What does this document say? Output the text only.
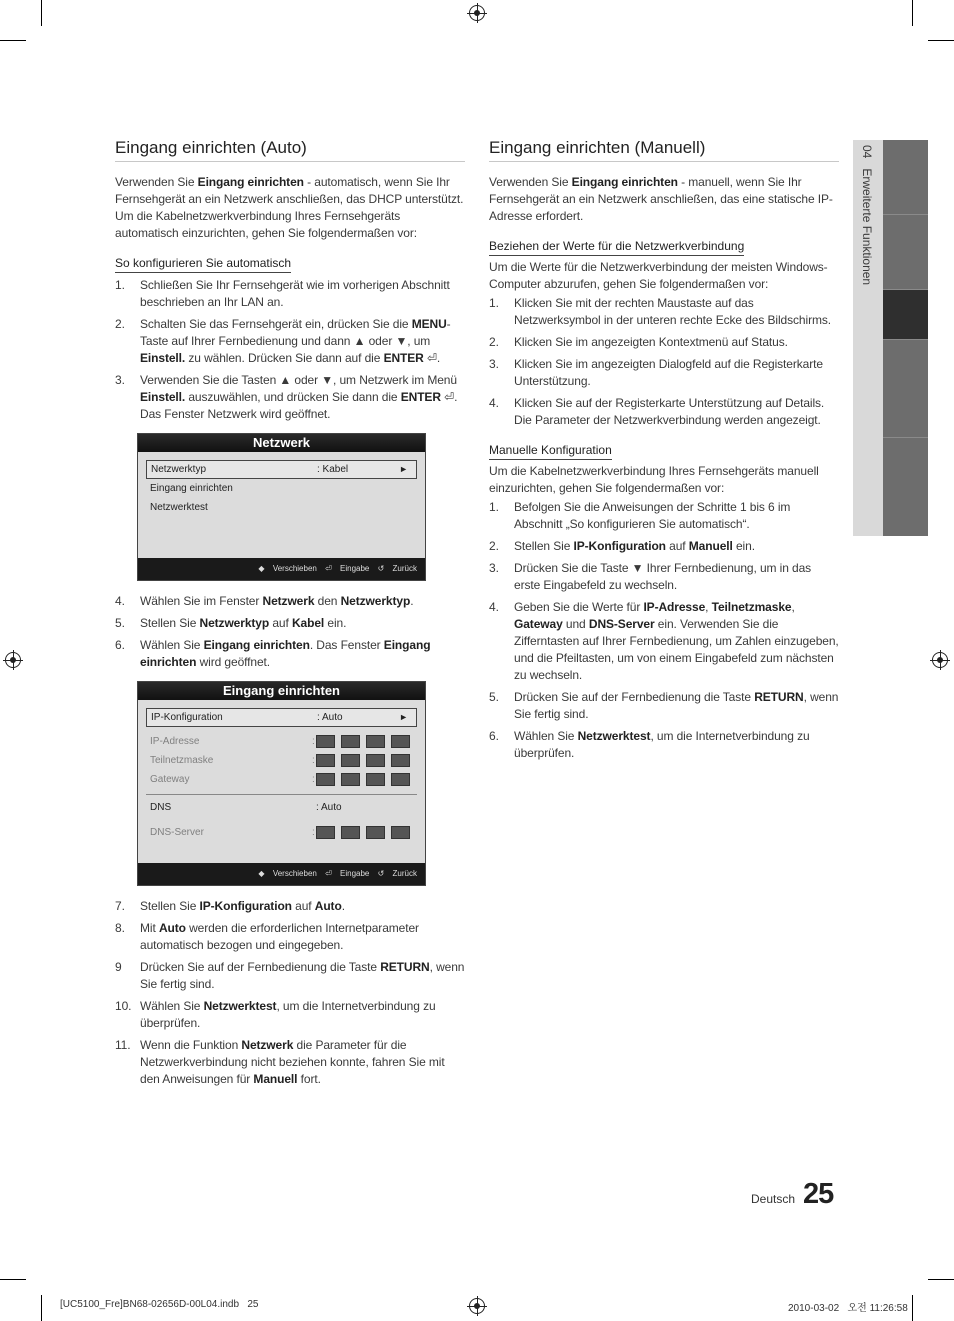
04   Erweiterte Funktionen
Eingang einrichten (Auto)

Verwenden Sie Eingang einrichten - automatisch, wenn Sie Ihr Fernsehgerät an ein Netzwerk anschließen, das DHCP unterstützt. Um die Kabelnetzwerkverbindung Ihres Fernsehgeräts automatisch einzurichten, gehen Sie folgendermaßen vor:

So konfigurieren Sie automatisch
1. Schließen Sie Ihr Fernsehgerät wie im vorherigen Abschnitt beschrieben an Ihr LAN an.
2. Schalten Sie das Fernsehgerät ein, drücken Sie die MENU-Taste auf Ihrer Fernbedienung und dann ▲ oder ▼, um Einstell. zu wählen. Drücken Sie dann auf die ENTER ⏎.
3. Verwenden Sie die Tasten ▲ oder ▼, um Netzwerk im Menü Einstell. auszuwählen, und drücken Sie dann die ENTER ⏎. Das Fenster Netzwerk wird geöffnet.
Netzwerk
Netzwerktyp	: Kabel	►
Eingang einrichten
Netzwerktest
◆ Verschieben ⏎ Eingabe ↺ Zurück
4. Wählen Sie im Fenster Netzwerk den Netzwerktyp.
5. Stellen Sie Netzwerktyp auf Kabel ein.
6. Wählen Sie Eingang einrichten. Das Fenster Eingang einrichten wird geöffnet.
Eingang einrichten
IP-Konfiguration	: Auto	►
IP-Adresse	:
Teilnetzmaske	:
Gateway	:
DNS	: Auto
DNS-Server	:
◆ Verschieben ⏎ Eingabe ↺ Zurück
7. Stellen Sie IP-Konfiguration auf Auto.
8. Mit Auto werden die erforderlichen Internetparameter automatisch bezogen und eingegeben.
9 Drücken Sie auf der Fernbedienung die Taste RETURN, wenn Sie fertig sind.
10. Wählen Sie Netzwerktest, um die Internetverbindung zu überprüfen.
11. Wenn die Funktion Netzwerk die Parameter für die Netzwerkverbindung nicht beziehen konnte, fahren Sie mit den Anweisungen für Manuell fort.
Eingang einrichten (Manuell)

Verwenden Sie Eingang einrichten - manuell, wenn Sie Ihr Fernsehgerät an ein Netzwerk anschließen, das eine statische IP-Adresse erfordert.

Beziehen der Werte für die Netzwerkverbindung

Um die Werte für die Netzwerkverbindung der meisten Windows-Computer abzurufen, gehen Sie folgendermaßen vor:

1. Klicken Sie mit der rechten Maustaste auf das Netzwerksymbol in der unteren rechte Ecke des Bildschirms.
2. Klicken Sie im angezeigten Kontextmenü auf Status.
3. Klicken Sie im angezeigten Dialogfeld auf die Registerkarte Unterstützung.
4. Klicken Sie auf der Registerkarte Unterstützung auf Details. Die Parameter der Netzwerkverbindung werden angezeigt.
Manuelle Konfiguration

Um die Kabelnetzwerkverbindung Ihres Fernsehgeräts manuell einzurichten, gehen Sie folgendermaßen vor:

1. Befolgen Sie die Anweisungen der Schritte 1 bis 6 im Abschnitt „So konfigurieren Sie automatisch“.
2. Stellen Sie IP-Konfiguration auf Manuell ein.
3. Drücken Sie die Taste ▼ Ihrer Fernbedienung, um in das erste Eingabefeld zu wechseln.
4. Geben Sie die Werte für IP-Adresse, Teilnetzmaske, Gateway und DNS-Server ein. Verwenden Sie die Zifferntasten auf Ihrer Fernbedienung, um Zahlen einzugeben, und die Pfeiltasten, um von einem Eingabefeld zum nächsten zu wechseln.
5. Drücken Sie auf der Fernbedienung die Taste RETURN, wenn Sie fertig sind.
6. Wählen Sie Netzwerktest, um die Internetverbindung zu überprüfen.
Deutsch 25
[UC5100_Fre]BN68-02656D-00L04.indb   25	2010-03-02   오전 11:26:58
